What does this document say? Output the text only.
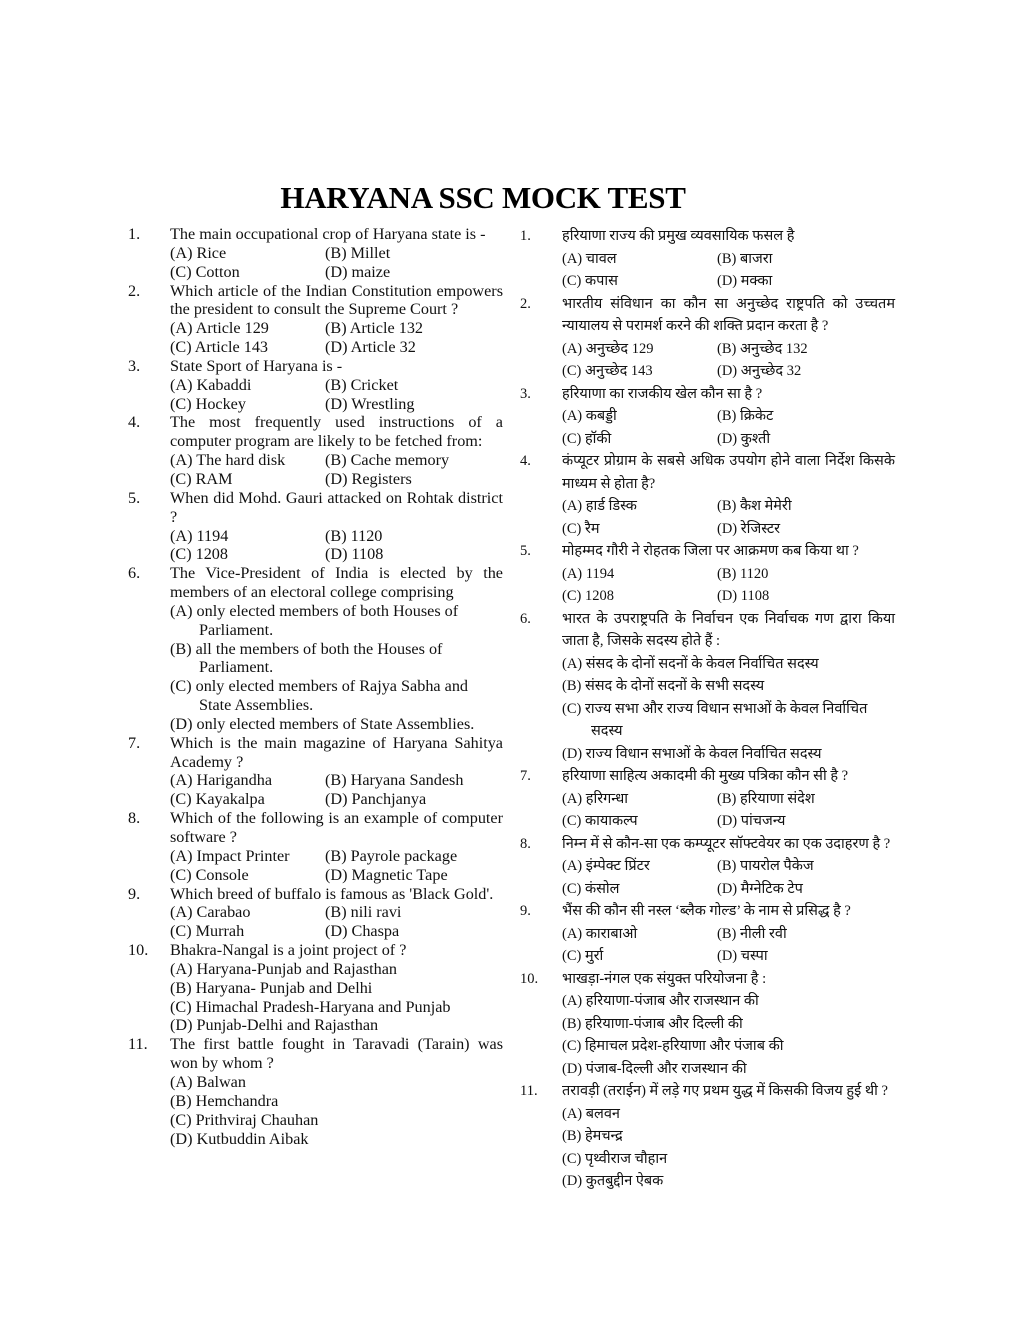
HARYANA SSC MOCK TEST
1. The main occupational crop of Haryana state is -
(A) Rice	(B) Millet
(C) Cotton	(D) maize
2. Which article of the Indian Constitution empowers the president to consult the Supreme Court ?
(A) Article 129	(B) Article 132
(C) Article 143	(D) Article 32
3. State Sport of Haryana is -
(A) Kabaddi	(B) Cricket
(C) Hockey	(D) Wrestling
4. The most frequently used instructions of a computer program are likely to be fetched from:
(A) The hard disk	(B) Cache memory
(C) RAM	(D) Registers
5. When did Mohd. Gauri attacked on Rohtak district ?
(A) 1194	(B) 1120
(C) 1208	(D) 1108
6. The Vice-President of India is elected by the members of an electoral college comprising
(A) only elected members of both Houses of Parliament.
(B) all the members of both the Houses of Parliament.
(C) only elected members of Rajya Sabha and State Assemblies.
(D) only elected members of State Assemblies.
7. Which is the main magazine of Haryana Sahitya Academy ?
(A) Harigandha	(B) Haryana Sandesh
(C) Kayakalpa	(D) Panchjanya
8. Which of the following is an example of computer software ?
(A) Impact Printer	(B) Payrole package
(C) Console	(D) Magnetic Tape
9. Which breed of buffalo is famous as 'Black Gold'.
(A) Carabao	(B) nili ravi
(C) Murrah	(D) Chaspa
10. Bhakra-Nangal is a joint project of ?
(A) Haryana-Punjab and Rajasthan
(B) Haryana- Punjab and Delhi
(C) Himachal Pradesh-Haryana and Punjab
(D) Punjab-Delhi and Rajasthan
11. The first battle fought in Taravadi (Tarain) was won by whom ?
(A) Balwan
(B) Hemchandra
(C) Prithviraj Chauhan
(D) Kutbuddin Aibak
1. हरियाणा राज्य की प्रमुख व्यवसायिक फसल है
(A) चावल	(B) बाजरा
(C) कपास	(D) मक्का
2. भारतीय संविधान का कौन सा अनुच्छेद राष्ट्रपति को उच्चतम न्यायालय से परामर्श करने की शक्ति प्रदान करता है ?
(A) अनुच्छेद 129	(B) अनुच्छेद 132
(C) अनुच्छेद 143	(D) अनुच्छेद 32
3. हरियाणा का राजकीय खेल कौन सा है ?
(A) कबड्डी	(B) क्रिकेट
(C) हॉकी	(D) कुश्ती
4. कंप्यूटर प्रोग्राम के सबसे अधिक उपयोग होने वाला निर्देश किसके माध्यम से होता है?
(A) हार्ड डिस्क	(B) कैश मेमेरी
(C) रैम	(D) रेजिस्टर
5. मोहम्मद गौरी ने रोहतक जिला पर आक्रमण कब किया था ?
(A) 1194	(B) 1120
(C) 1208	(D) 1108
6. भारत के उपराष्ट्रपति के निर्वाचन एक निर्वाचक गण द्वारा किया जाता है, जिसके सदस्य होते हैं :
(A) संसद के दोनों सदनों के केवल निर्वाचित सदस्य
(B) संसद के दोनों सदनों के सभी सदस्य
(C) राज्य सभा और राज्य विधान सभाओं के केवल निर्वाचित सदस्य
(D) राज्य विधान सभाओं के केवल निर्वाचित सदस्य
7. हरियाणा साहित्य अकादमी की मुख्य पत्रिका कौन सी है ?
(A) हरिगन्धा	(B) हरियाणा संदेश
(C) कायाकल्प	(D) पांचजन्य
8. निम्न में से कौन-सा एक कम्प्यूटर सॉफ्टवेयर का एक उदाहरण है ?
(A) इंम्पेक्ट प्रिंटर	(B) पायरोल पैकेज
(C) कंसोल	(D) मैग्नेटिक टेप
9. भैंस की कौन सी नस्ल ‘ब्लैक गोल्ड’ के नाम से प्रसिद्ध है ?
(A) काराबाओ	(B) नीली रवी
(C) मुर्रा	(D) चस्पा
10. भाखड़ा-नंगल एक संयुक्त परियोजना है :
(A) हरियाणा-पंजाब और राजस्थान की
(B) हरियाणा-पंजाब और दिल्ली की
(C) हिमाचल प्रदेश-हरियाणा और पंजाब की
(D) पंजाब-दिल्ली और राजस्थान की
11. तरावड़ी (तराईन) में लड़े गए प्रथम युद्ध में किसकी विजय हुई थी ?
(A) बलवन
(B) हेमचन्द्र
(C) पृथ्वीराज चौहान
(D) कुतबुद्दीन ऐबक
